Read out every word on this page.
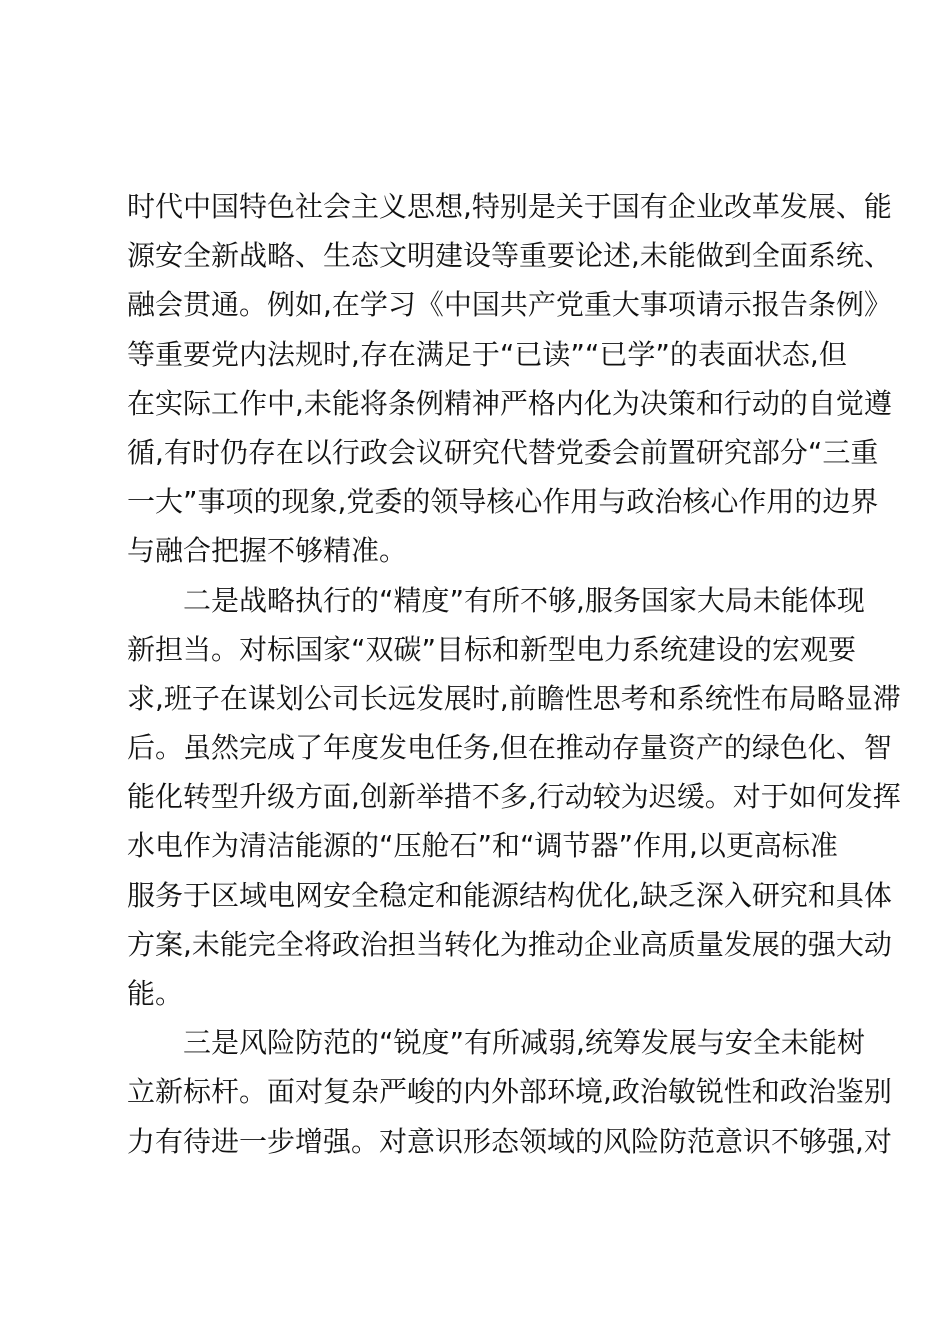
时代中国特色社会主义思想,特别是关于国有企业改革发展、能
源安全新战略、生态文明建设等重要论述,未能做到全面系统、
融会贯通。例如,在学习《中国共产党重大事项请示报告条例》
等重要党内法规时,存在满足于“已读”“已学”的表面状态,但
在实际工作中,未能将条例精神严格内化为决策和行动的自觉遵
循,有时仍存在以行政会议研究代替党委会前置研究部分“三重
一大”事项的现象,党委的领导核心作用与政治核心作用的边界
与融合把握不够精准。
二是战略执行的“精度”有所不够,服务国家大局未能体现
新担当。对标国家“双碳”目标和新型电力系统建设的宏观要
求,班子在谋划公司长远发展时,前瞻性思考和系统性布局略显滞
后。虽然完成了年度发电任务,但在推动存量资产的绿色化、智
能化转型升级方面,创新举措不多,行动较为迟缓。对于如何发挥
水电作为清洁能源的“压舱石”和“调节器”作用,以更高标准
服务于区域电网安全稳定和能源结构优化,缺乏深入研究和具体
方案,未能完全将政治担当转化为推动企业高质量发展的强大动
能。
三是风险防范的“锐度”有所减弱,统筹发展与安全未能树
立新标杆。面对复杂严峻的内外部环境,政治敏锐性和政治鉴别
力有待进一步增强。对意识形态领域的风险防范意识不够强,对
